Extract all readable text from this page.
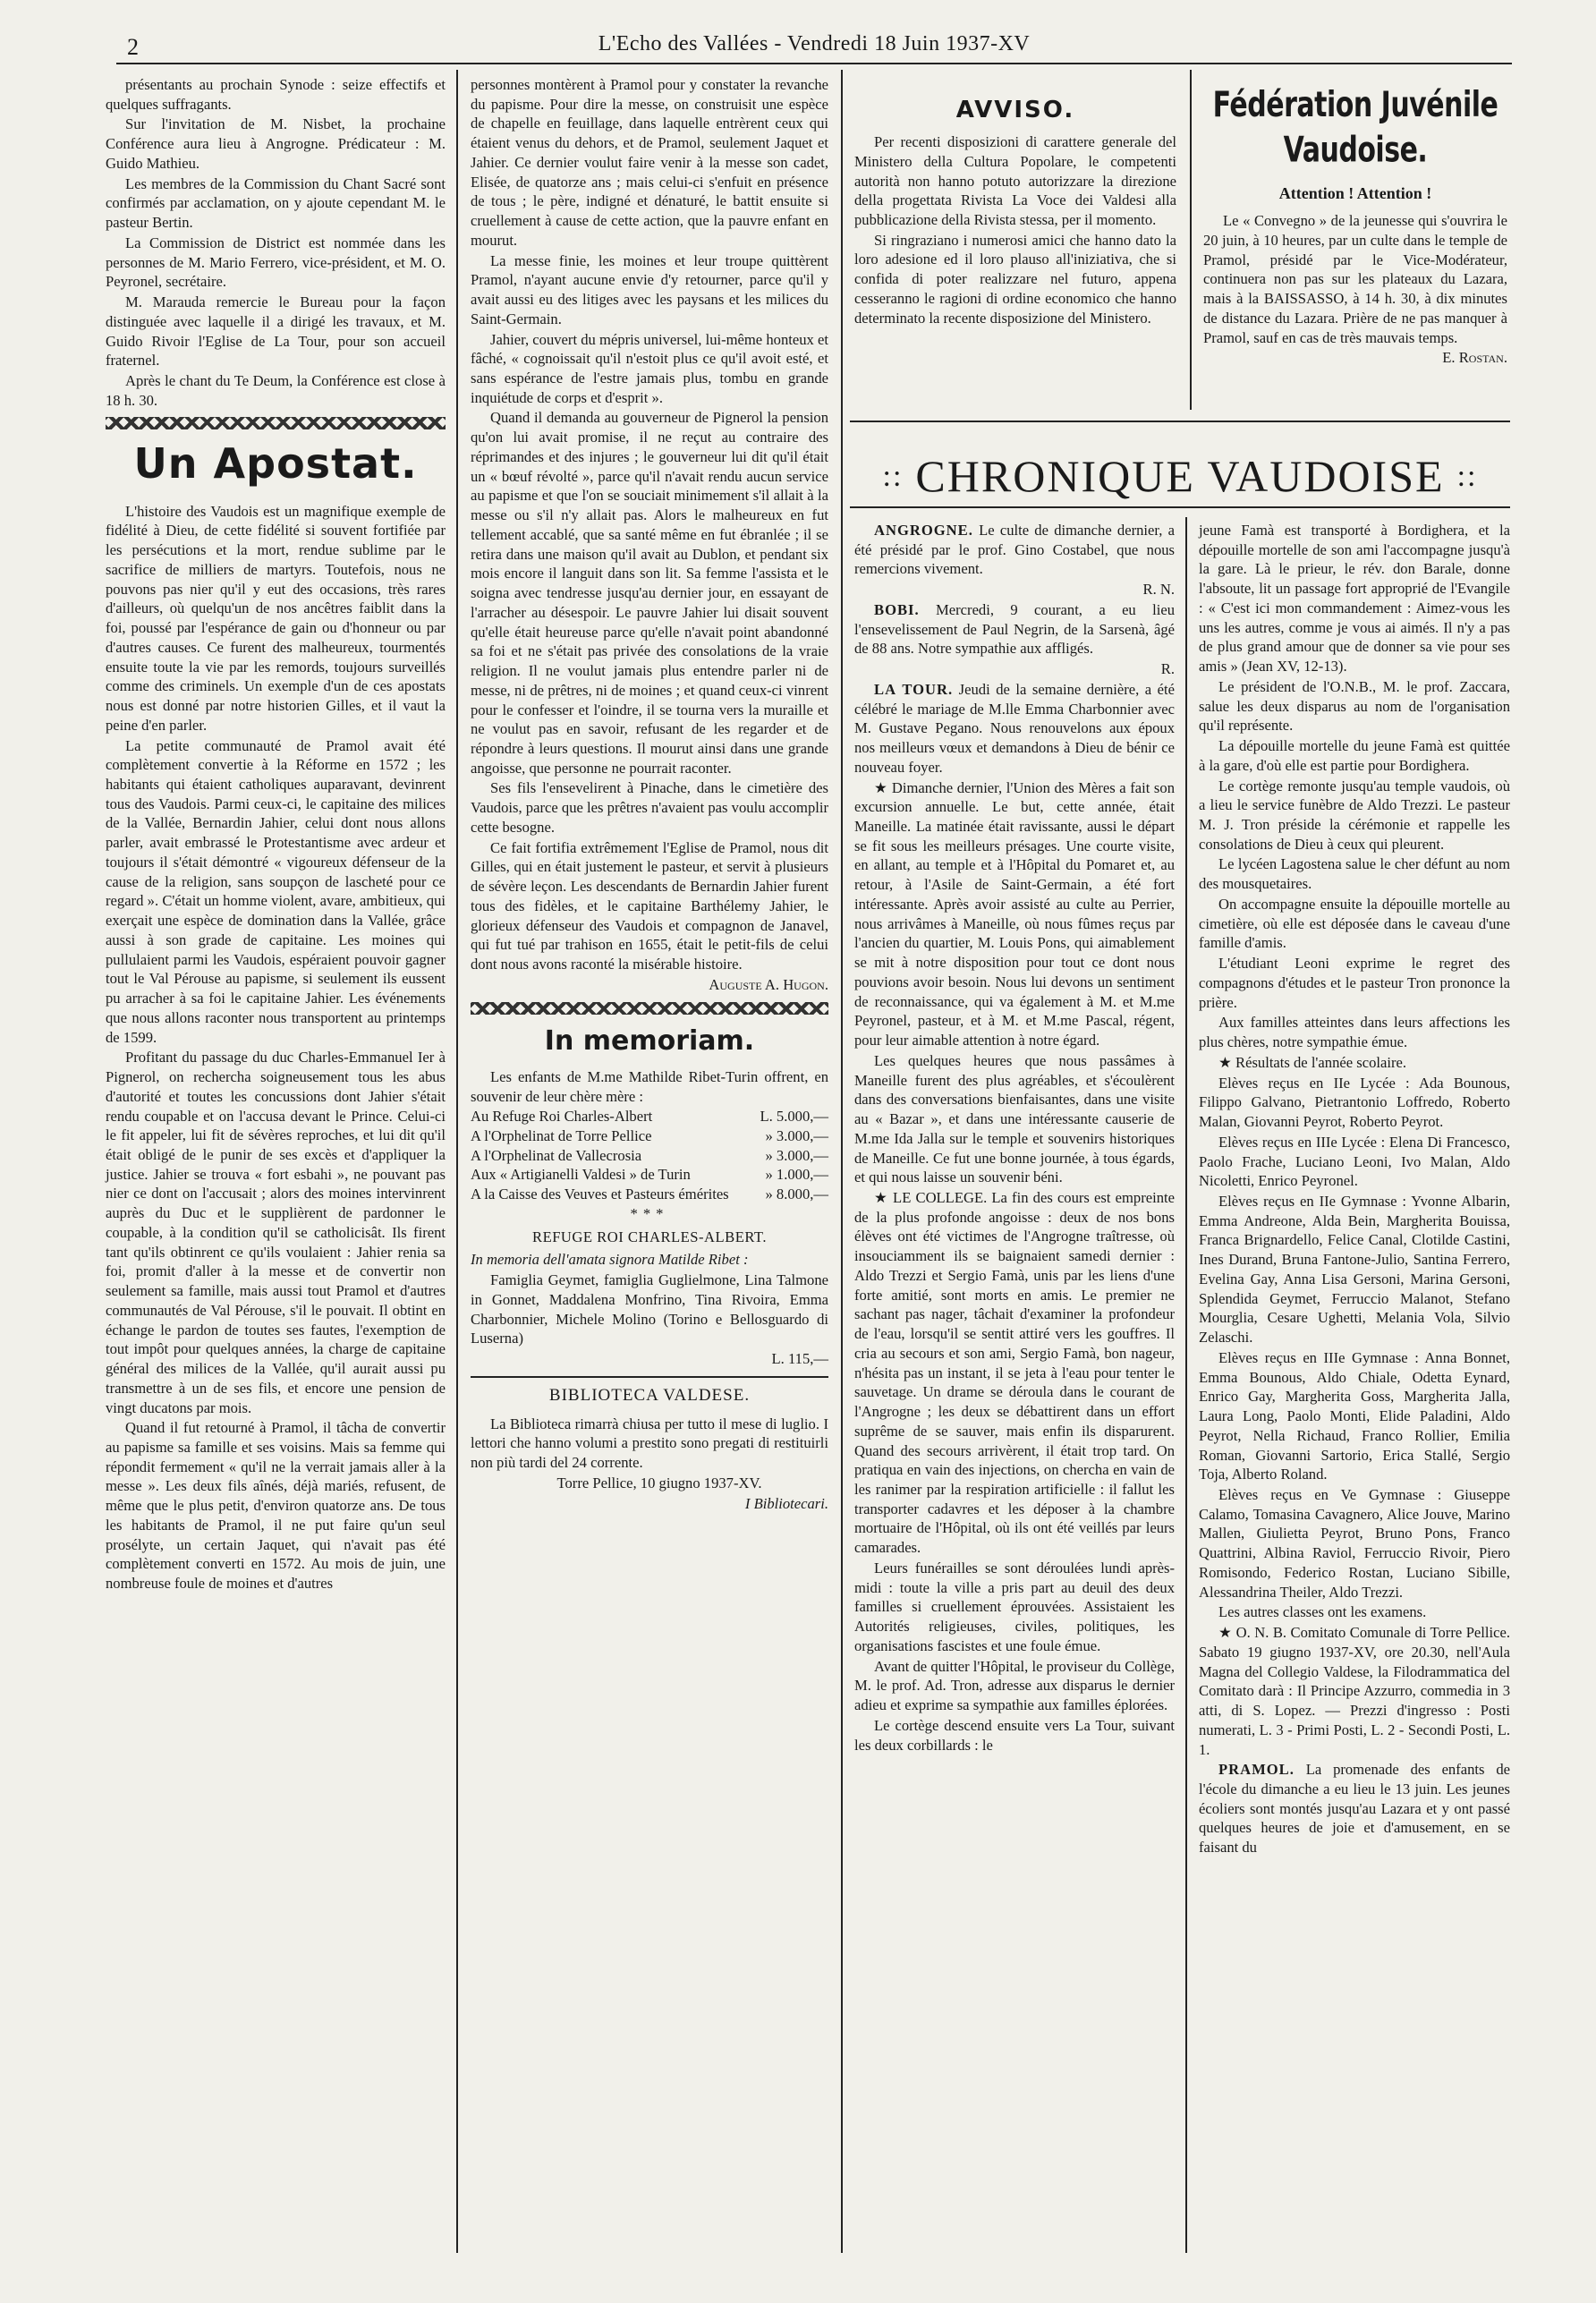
2	L'Echo des Vallées - Vendredi 18 Juin 1937-XV

présentants au prochain Synode : seize effectifs et quelques suffragants.

Sur l'invitation de M. Nisbet, la prochaine Conférence aura lieu à Angrogne. Prédicateur : M. Guido Mathieu.

Les membres de la Commission du Chant Sacré sont confirmés par acclamation, on y ajoute cependant M. le pasteur Bertin.

La Commission de District est nommée dans les personnes de M. Mario Ferrero, vice-président, et M. O. Peyronel, secrétaire.

M. Marauda remercie le Bureau pour la façon distinguée avec laquelle il a dirigé les travaux, et M. Guido Rivoir l'Eglise de La Tour, pour son accueil fraternel.

Après le chant du Te Deum, la Conférence est close à 18 h. 30.

Un Apostat.

L'histoire des Vaudois est un magnifique exemple de fidélité à Dieu, de cette fidélité si souvent fortifiée par les persécutions et la mort, rendue sublime par le sacrifice de milliers de martyrs. Toutefois, nous ne pouvons pas nier qu'il y eut des occasions, très rares d'ailleurs, où quelqu'un de nos ancêtres faiblit dans la foi, poussé par l'espérance de gain ou d'honneur ou par d'autres causes. Ce furent des malheureux, tourmentés ensuite toute la vie par les remords, toujours surveillés comme des criminels. Un exemple d'un de ces apostats nous est donné par notre historien Gilles, et il vaut la peine d'en parler.

La petite communauté de Pramol avait été complètement convertie à la Réforme en 1572 ; les habitants qui étaient catholiques auparavant, devinrent tous des Vaudois. Parmi ceux-ci, le capitaine des milices de la Vallée, Bernardin Jahier, celui dont nous allons parler, avait embrassé le Protestantisme avec ardeur et toujours il s'était démontré « vigoureux défenseur de la cause de la religion, sans soupçon de lascheté pour ce regard ». C'était un homme violent, avare, ambitieux, qui exerçait une espèce de domination dans la Vallée, grâce aussi à son grade de capitaine. Les moines qui pullulaient parmi les Vaudois, espéraient pouvoir gagner tout le Val Pérouse au papisme, si seulement ils eussent pu arracher à sa foi le capitaine Jahier. Les événements que nous allons raconter nous transportent au printemps de 1599.

Profitant du passage du duc Charles-Emmanuel Ier à Pignerol, on rechercha soigneusement tous les abus d'autorité et toutes les concussions dont Jahier s'était rendu coupable et on l'accusa devant le Prince. Celui-ci le fit appeler, lui fit de sévères reproches, et lui dit qu'il était obligé de le punir de ses excès et d'appliquer la justice. Jahier se trouva « fort esbahi », ne pouvant pas nier ce dont on l'accusait ; alors des moines intervinrent auprès du Duc et le supplièrent de pardonner le coupable, à la condition qu'il se catholicisât. Ils firent tant qu'ils obtinrent ce qu'ils voulaient : Jahier renia sa foi, promit d'aller à la messe et de convertir non seulement sa famille, mais aussi tout Pramol et d'autres communautés de Val Pérouse, s'il le pouvait. Il obtint en échange le pardon de toutes ses fautes, l'exemption de tout impôt pour quelques années, la charge de capitaine général des milices de la Vallée, qu'il aurait aussi pu transmettre à un de ses fils, et encore une pension de vingt ducatons par mois.

Quand il fut retourné à Pramol, il tâcha de convertir au papisme sa famille et ses voisins. Mais sa femme qui répondit fermement « qu'il ne la verrait jamais aller à la messe ». Les deux fils aînés, déjà mariés, refusent, de même que le plus petit, d'environ quatorze ans. De tous les habitants de Pramol, il ne put faire qu'un seul prosélyte, un certain Jaquet, qui n'avait pas été complètement converti en 1572. Au mois de juin, une nombreuse foule de moines et d'autres

personnes montèrent à Pramol pour y constater la revanche du papisme. Pour dire la messe, on construisit une espèce de chapelle en feuillage, dans laquelle entrèrent ceux qui étaient venus du dehors, et de Pramol, seulement Jaquet et Jahier. Ce dernier voulut faire venir à la messe son cadet, Elisée, de quatorze ans ; mais celui-ci s'enfuit en présence de tous ; le père, indigné et dénaturé, le battit ensuite si cruellement à cause de cette action, que la pauvre enfant en mourut.

La messe finie, les moines et leur troupe quittèrent Pramol, n'ayant aucune envie d'y retourner, parce qu'il y avait aussi eu des litiges avec les paysans et les milices du Saint-Germain.

Jahier, couvert du mépris universel, lui-même honteux et fâché, « cognoissait qu'il n'estoit plus ce qu'il avoit esté, et sans espérance de l'estre jamais plus, tombu en grande inquiétude de corps et d'esprit ».

Quand il demanda au gouverneur de Pignerol la pension qu'on lui avait promise, il ne reçut au contraire des réprimandes et des injures ; le gouverneur lui dit qu'il était un « bœuf révolté », parce qu'il n'avait rendu aucun service au papisme et que l'on se souciait minimement s'il allait à la messe ou s'il n'y allait pas. Alors le malheureux en fut tellement accablé, que sa santé même en fut ébranlée ; il se retira dans une maison qu'il avait au Dublon, et pendant six mois encore il languit dans son lit. Sa femme l'assista et le soigna avec tendresse jusqu'au dernier jour, en essayant de l'arracher au désespoir. Le pauvre Jahier lui disait souvent qu'elle était heureuse parce qu'elle n'avait point abandonné sa foi et ne s'était pas privée des consolations de la vraie religion. Il ne voulut jamais plus entendre parler ni de messe, ni de prêtres, ni de moines ; et quand ceux-ci vinrent pour le confesser et l'oindre, il se tourna vers la muraille et ne voulut pas en savoir, refusant de les regarder et de répondre à leurs questions. Il mourut ainsi dans une grande angoisse, que personne ne pourrait raconter.

Ses fils l'ensevelirent à Pinache, dans le cimetière des Vaudois, parce que les prêtres n'avaient pas voulu accomplir cette besogne.

Ce fait fortifia extrêmement l'Eglise de Pramol, nous dit Gilles, qui en était justement le pasteur, et servit à plusieurs de sévère leçon. Les descendants de Bernardin Jahier furent tous des fidèles, et le capitaine Barthélemy Jahier, le glorieux défenseur des Vaudois et compagnon de Janavel, qui fut tué par trahison en 1655, était le petit-fils de celui dont nous avons raconté la misérable histoire.

Auguste A. Hugon.

In memoriam.

Les enfants de M.me Mathilde Ribet-Turin offrent, en souvenir de leur chère mère :

Au Refuge Roi Charles-Albert	L. 5.000,—
A l'Orphelinat de Torre Pellice	» 3.000,—
A l'Orphelinat de Vallecrosia	» 3.000,—
Aux « Artigianelli Valdesi » de Turin	» 1.000,—
A la Caisse des Veuves et Pasteurs émérites	» 8.000,—
***
REFUGE ROI CHARLES-ALBERT.

In memoria dell'amata signora Matilde Ribet :

Famiglia Geymet, famiglia Guglielmone, Lina Talmone in Gonnet, Maddalena Monfrino, Tina Rivoira, Emma Charbonnier, Michele Molino (Torino e Bellosguardo di Luserna)

L. 115,—

BIBLIOTECA VALDESE.

La Biblioteca rimarrà chiusa per tutto il mese di luglio. I lettori che hanno volumi a prestito sono pregati di restituirli non più tardi del 24 corrente.

Torre Pellice, 10 giugno 1937-XV.

I Bibliotecari.

AVVISO.

Per recenti disposizioni di carattere generale del Ministero della Cultura Popolare, le competenti autorità non hanno potuto autorizzare la direzione della progettata Rivista La Voce dei Valdesi alla pubblicazione della Rivista stessa, per il momento.

Si ringraziano i numerosi amici che hanno dato la loro adesione ed il loro plauso all'iniziativa, che si confida di poter realizzare nel futuro, appena cesseranno le ragioni di ordine economico che hanno determinato la recente disposizione del Ministero.

Fédération Juvénile Vaudoise.
Attention ! Attention !

Le « Convegno » de la jeunesse qui s'ouvrira le 20 juin, à 10 heures, par un culte dans le temple de Pramol, présidé par le Vice-Modérateur, continuera non pas sur les plateaux du Lazara, mais à la BAISSASSO, à 14 h. 30, à dix minutes de distance du Lazara. Prière de ne pas manquer à Pramol, sauf en cas de très mauvais temps.

E. Rostan.

:: CHRONIQUE VAUDOISE ::

ANGROGNE. Le culte de dimanche dernier, a été présidé par le prof. Gino Costabel, que nous remercions vivement.

R. N.

BOBI. Mercredi, 9 courant, a eu lieu l'ensevelissement de Paul Negrin, de la Sarsenà, âgé de 88 ans. Notre sympathie aux affligés.

R.

LA TOUR. Jeudi de la semaine dernière, a été célébré le mariage de M.lle Emma Charbonnier avec M. Gustave Pegano. Nous renouvelons aux époux nos meilleurs vœux et demandons à Dieu de bénir ce nouveau foyer.

★ Dimanche dernier, l'Union des Mères a fait son excursion annuelle. Le but, cette année, était Maneille. La matinée était ravissante, aussi le départ se fit sous les meilleurs présages. Une courte visite, en allant, au temple et à l'Hôpital du Pomaret et, au retour, à l'Asile de Saint-Germain, a été fort intéressante. Après avoir assisté au culte au Perrier, nous arrivâmes à Maneille, où nous fûmes reçus par l'ancien du quartier, M. Louis Pons, qui aimablement se mit à notre disposition pour tout ce dont nous pouvions avoir besoin. Nous lui devons un sentiment de reconnaissance, qui va également à M. et M.me Peyronel, pasteur, et à M. et M.me Pascal, régent, pour leur aimable attention à notre égard.

Les quelques heures que nous passâmes à Maneille furent des plus agréables, et s'écoulèrent dans des conversations bienfaisantes, dans une visite au « Bazar », et dans une intéressante causerie de M.me Ida Jalla sur le temple et souvenirs historiques de Maneille. Ce fut une bonne journée, à tous égards, et qui nous laisse un souvenir béni.

★ LE COLLEGE. La fin des cours est empreinte de la plus profonde angoisse : deux de nos bons élèves ont été victimes de l'Angrogne traîtresse, où insouciamment ils se baignaient samedi dernier : Aldo Trezzi et Sergio Famà, unis par les liens d'une forte amitié, sont morts en amis. Le premier ne sachant pas nager, tâchait d'examiner la profondeur de l'eau, lorsqu'il se sentit attiré vers les gouffres. Il cria au secours et son ami, Sergio Famà, bon nageur, n'hésita pas un instant, il se jeta à l'eau pour tenter le sauvetage. Un drame se déroula dans le courant de l'Angrogne ; les deux se débattirent dans un effort suprême de se sauver, mais enfin ils disparurent. Quand des secours arrivèrent, il était trop tard. On pratiqua en vain des injections, on chercha en vain de les ranimer par la respiration artificielle : il fallut les transporter cadavres et les déposer à la chambre mortuaire de l'Hôpital, où ils ont été veillés par leurs camarades.

Leurs funérailles se sont déroulées lundi après-midi : toute la ville a pris part au deuil des deux familles si cruellement éprouvées. Assistaient les Autorités religieuses, civiles, politiques, les organisations fascistes et une foule émue.

Avant de quitter l'Hôpital, le proviseur du Collège, M. le prof. Ad. Tron, adresse aux disparus le dernier adieu et exprime sa sympathie aux familles éplorées.

Le cortège descend ensuite vers La Tour, suivant les deux corbillards : le

jeune Famà est transporté à Bordighera, et la dépouille mortelle de son ami l'accompagne jusqu'à la gare. Là le prieur, le rév. don Barale, donne l'absoute, lit un passage fort approprié de l'Evangile : « C'est ici mon commandement : Aimez-vous les uns les autres, comme je vous ai aimés. Il n'y a pas de plus grand amour que de donner sa vie pour ses amis » (Jean XV, 12-13).

Le président de l'O.N.B., M. le prof. Zaccara, salue les deux disparus au nom de l'organisation qu'il représente.

La dépouille mortelle du jeune Famà est quittée à la gare, d'où elle est partie pour Bordighera.

Le cortège remonte jusqu'au temple vaudois, où a lieu le service funèbre de Aldo Trezzi. Le pasteur M. J. Tron préside la cérémonie et rappelle les consolations de Dieu à ceux qui pleurent.

Le lycéen Lagostena salue le cher défunt au nom des mousquetaires.

On accompagne ensuite la dépouille mortelle au cimetière, où elle est déposée dans le caveau d'une famille d'amis.

L'étudiant Leoni exprime le regret des compagnons d'études et le pasteur Tron prononce la prière.

Aux familles atteintes dans leurs affections les plus chères, notre sympathie émue.

★ Résultats de l'année scolaire.

Elèves reçus en IIe Lycée : Ada Bounous, Filippo Galvano, Pietrantonio Loffredo, Roberto Malan, Giovanni Peyrot, Roberto Peyrot.

Elèves reçus en IIIe Lycée : Elena Di Francesco, Paolo Frache, Luciano Leoni, Ivo Malan, Aldo Nicoletti, Enrico Peyronel.

Elèves reçus en IIe Gymnase : Yvonne Albarin, Emma Andreone, Alda Bein, Margherita Bouissa, Franca Brignardello, Felice Canal, Clotilde Castini, Ines Durand, Bruna Fantone-Julio, Santina Ferrero, Evelina Gay, Anna Lisa Gersoni, Marina Gersoni, Splendida Geymet, Ferruccio Malanot, Stefano Mourglia, Cesare Ughetti, Melania Vola, Silvio Zelaschi.

Elèves reçus en IIIe Gymnase : Anna Bonnet, Emma Bounous, Aldo Chiale, Odetta Eynard, Enrico Gay, Margherita Goss, Margherita Jalla, Laura Long, Paolo Monti, Elide Paladini, Aldo Peyrot, Nella Richaud, Franco Rollier, Emilia Roman, Giovanni Sartorio, Erica Stallé, Sergio Toja, Alberto Roland.

Elèves reçus en Ve Gymnase : Giuseppe Calamo, Tomasina Cavagnero, Alice Jouve, Marino Mallen, Giulietta Peyrot, Bruno Pons, Franco Quattrini, Albina Raviol, Ferruccio Rivoir, Piero Romisondo, Federico Rostan, Luciano Sibille, Alessandrina Theiler, Aldo Trezzi.

Les autres classes ont les examens.

★ O. N. B. Comitato Comunale di Torre Pellice. Sabato 19 giugno 1937-XV, ore 20.30, nell'Aula Magna del Collegio Valdese, la Filodrammatica del Comitato darà : Il Principe Azzurro, commedia in 3 atti, di S. Lopez. — Prezzi d'ingresso : Posti numerati, L. 3 - Primi Posti, L. 2 - Secondi Posti, L. 1.

PRAMOL. La promenade des enfants de l'école du dimanche a eu lieu le 13 juin. Les jeunes écoliers sont montés jusqu'au Lazara et y ont passé quelques heures de joie et d'amusement, en se faisant du
